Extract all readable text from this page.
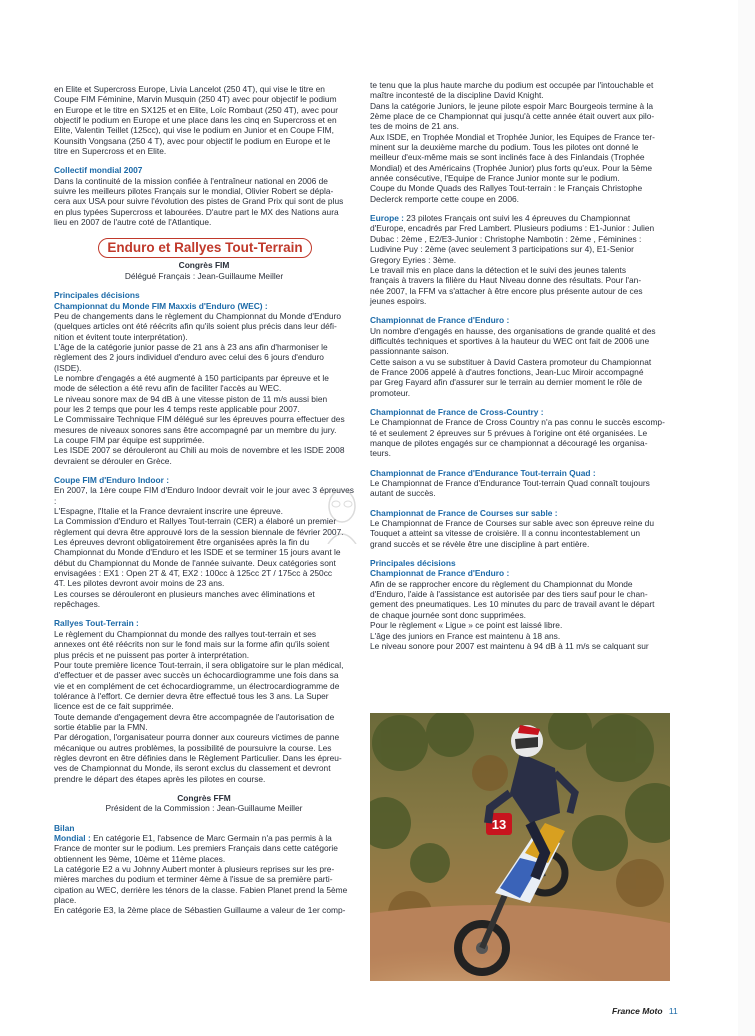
en Elite et Supercross Europe, Livia Lancelot (250 4T), qui vise le titre en
Coupe FIM Féminine, Marvin Musquin (250 4T) avec pour objectif le podium
en Europe et le titre en SX125 et en Elite, Loïc Rombaut (250 4T), avec pour
objectif le podium en Europe et une place dans les cinq en Supercross et en
Elite, Valentin Teillet (125cc), qui vise le podium en Junior et en Coupe FIM,
Kounsith Vongsana (250 4 T), avec pour objectif le podium en Europe et le
titre en Supercross et en Elite.
Collectif mondial 2007
Dans la continuité de la mission confiée à l'entraîneur national en 2006 de
suivre les meilleurs pilotes Français sur le mondial, Olivier Robert se dépla-
cera aux USA pour suivre l'évolution des pistes de Grand Prix qui sont de plus
en plus typées Supercross et labourées. D'autre part le MX des Nations aura
lieu en 2007 de l'autre coté de l'Atlantique.
Enduro et Rallyes Tout-Terrain
Congrès FIM
Délégué Français : Jean-Guillaume Meiller
Principales décisions
Championnat du Monde FIM Maxxis d'Enduro (WEC) :
Peu de changements dans le règlement du Championnat du Monde d'Enduro
(quelques articles ont été réécrits afin qu'ils soient plus précis dans leur défi-
nition et évitent toute interprétation).
L'âge de la catégorie junior passe de 21 ans à 23 ans afin d'harmoniser le
règlement des 2 jours individuel d'enduro avec celui des 6 jours d'enduro
(ISDE).
Le nombre d'engagés a été augmenté à 150 participants par épreuve et le
mode de sélection a été revu afin de faciliter l'accès au WEC.
Le niveau sonore max de 94 dB à une vitesse piston de 11 m/s aussi bien
pour les 2 temps que pour les 4 temps reste applicable pour 2007.
Le Commissaire Technique FIM délégué sur les épreuves pourra effectuer des
mesures de niveaux sonores sans être accompagné par un membre du jury.
La coupe FIM par équipe est supprimée.
Les ISDE 2007 se dérouleront au Chili au mois de novembre et les ISDE 2008
devraient se dérouler en Grèce.
Coupe FIM d'Enduro Indoor :
En 2007, la 1ère coupe FIM d'Enduro Indoor devrait voir le jour avec 3 épreuves :
L'Espagne, l'Italie et la France devraient inscrire une épreuve.
La Commission d'Enduro et Rallyes Tout-terrain (CER) a élaboré un premier
règlement qui devra être approuvé lors de la session biennale de février 2007.
Les épreuves devront obligatoirement être organisées après la fin du
Championnat du Monde d'Enduro et les ISDE et se terminer 15 jours avant le
début du Championnat du Monde de l'année suivante. Deux catégories sont
envisagées : EX1 : Open 2T & 4T, EX2 : 100cc à 125cc 2T / 175cc à 250cc
4T. Les pilotes devront avoir moins de 23 ans.
Les courses se dérouleront en plusieurs manches avec éliminations et
repêchages.
Rallyes Tout-Terrain :
Le règlement du Championnat du monde des rallyes tout-terrain et ses
annexes ont été réécrits non sur le fond mais sur la forme afin qu'ils soient
plus précis et ne puissent pas porter à interprétation.
Pour toute première licence Tout-terrain, il sera obligatoire sur le plan médical,
d'effectuer et de passer avec succès un échocardiogramme une fois dans sa
vie et en complément de cet échocardiogramme, un électrocardiogramme de
tolérance à l'effort. Ce dernier devra être effectué tous les 3 ans. La Super
licence est de ce fait supprimée.
Toute demande d'engagement devra être accompagnée de l'autorisation de
sortie établie par la FMN.
Par dérogation, l'organisateur pourra donner aux coureurs victimes de panne
mécanique ou autres problèmes, la possibilité de poursuivre la course. Les
règles devront en être définies dans le Règlement Particulier. Dans les épreu-
ves de Championnat du Monde, ils seront exclus du classement et devront
prendre le départ des étapes après les pilotes en course.
Congrès FFM
Président de la Commission : Jean-Guillaume Meiller
Bilan
Mondial : En catégorie E1, l'absence de Marc Germain n'a pas permis à la
France de monter sur le podium. Les premiers Français dans cette catégorie
obtiennent les 9ème, 10ème et 11ème places.
La catégorie E2 a vu Johnny Aubert monter à plusieurs reprises sur les pre-
mières marches du podium et terminer 4ème à l'issue de sa première parti-
cipation au WEC, derrière les ténors de la classe. Fabien Planet prend la 5ème
place.
En catégorie E3, la 2ème place de Sébastien Guillaume a valeur de 1er comp-
te tenu que la plus haute marche du podium est occupée par l'intouchable et
maître incontesté de la discipline David Knight.
Dans la catégorie Juniors, le jeune pilote espoir Marc Bourgeois termine à la
2ème place de ce Championnat qui jusqu'à cette année était ouvert aux pilo-
tes de moins de 21 ans.
Aux ISDE, en Trophée Mondial et Trophée Junior, les Equipes de France ter-
minent sur la deuxième marche du podium. Tous les pilotes ont donné le
meilleur d'eux-même mais se sont inclinés face à des Finlandais (Trophée
Mondial) et des Américains (Trophée Junior) plus forts qu'eux. Pour la 5ème
année consécutive, l'Equipe de France Junior monte sur le podium.
Coupe du Monde Quads des Rallyes Tout-terrain : le Français Christophe
Declerck remporte cette coupe en 2006.
Europe : 23 pilotes Français ont suivi les 4 épreuves du Championnat
d'Europe, encadrés par Fred Lambert. Plusieurs podiums : E1-Junior : Julien
Dubac : 2ème , E2/E3-Junior : Christophe Nambotin : 2ème , Féminines :
Ludivine Puy : 2ème (avec seulement 3 participations sur 4), E1-Senior
Gregory Eyries : 3ème.
Le travail mis en place dans la détection et le suivi des jeunes talents
français à travers la filière du Haut Niveau donne des résultats. Pour l'an-
née 2007, la FFM va s'attacher à être encore plus présente autour de ces
jeunes espoirs.
Championnat de France d'Enduro :
Un nombre d'engagés en hausse, des organisations de grande qualité et des
difficultés techniques et sportives à la hauteur du WEC ont fait de 2006 une
passionnante saison.
Cette saison a vu se substituer à David Castera promoteur du Championnat
de France 2006 appelé à d'autres fonctions, Jean-Luc Miroir accompagné
par Greg Fayard afin d'assurer sur le terrain au dernier moment le rôle de
promoteur.
Championnat de France de Cross-Country :
Le Championnat de France de Cross Country n'a pas connu le succès escomp-
té et seulement 2 épreuves sur 5 prévues à l'origine ont été organisées. Le
manque de pilotes engagés sur ce championnat a découragé les organisa-
teurs.
Championnat de France d'Endurance Tout-terrain Quad :
Le Championnat de France d'Endurance Tout-terrain Quad connaît toujours
autant de succès.
Championnat de France de Courses sur sable :
Le Championnat de France de Courses sur sable avec son épreuve reine du
Touquet a atteint sa vitesse de croisière. Il a connu incontestablement un
grand succès et se révèle être une discipline à part entière.
Principales décisions
Championnat de France d'Enduro :
Afin de se rapprocher encore du règlement du Championnat du Monde
d'Enduro, l'aide à l'assistance est autorisée par des tiers sauf pour le chan-
gement des pneumatiques. Les 10 minutes du parc de travail avant le départ
de chaque journée sont donc supprimées.
Pour le règlement « Ligue » ce point est laissé libre.
L'âge des juniors en France est maintenu à 18 ans.
Le niveau sonore pour 2007 est maintenu à 94 dB à 11 m/s se calquant sur
13
France Moto 11
